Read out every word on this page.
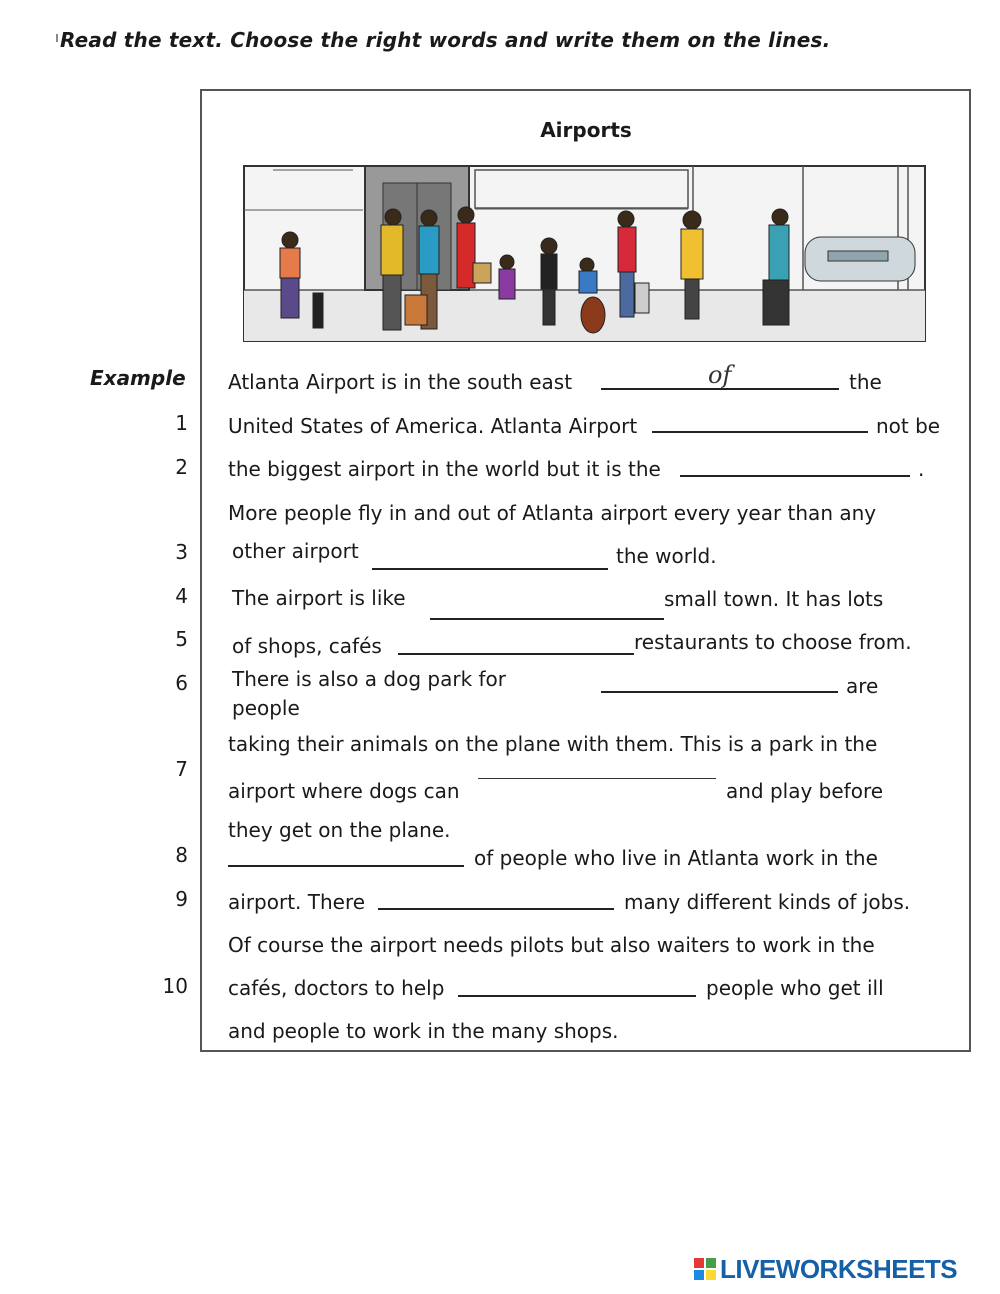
Read the text. Choose the right words and write them on the lines.
Airports
Example Atlanta Airport is in the south east	of	the
1
2
3
4
5
6
7
8
9
10
United States of America. Atlanta Airport	not be
the biggest airport in the world but it is the	.
More people fly in and out of Atlanta airport every year than any
other airport	the world.
The airport is like	small town. It has lots
of shops, cafés	restaurants to choose from.
There is also a dog park for	are
people
taking their animals on the plane with them. This is a park in the
airport where dogs can	and play before
they get on the plane.
of people who live in Atlanta work in the
airport. There	many different kinds of jobs.
Of course the airport needs pilots but also waiters to work in the
cafés, doctors to help	people who get ill
and people to work in the many shops.
LIVEWORKSHEETS
